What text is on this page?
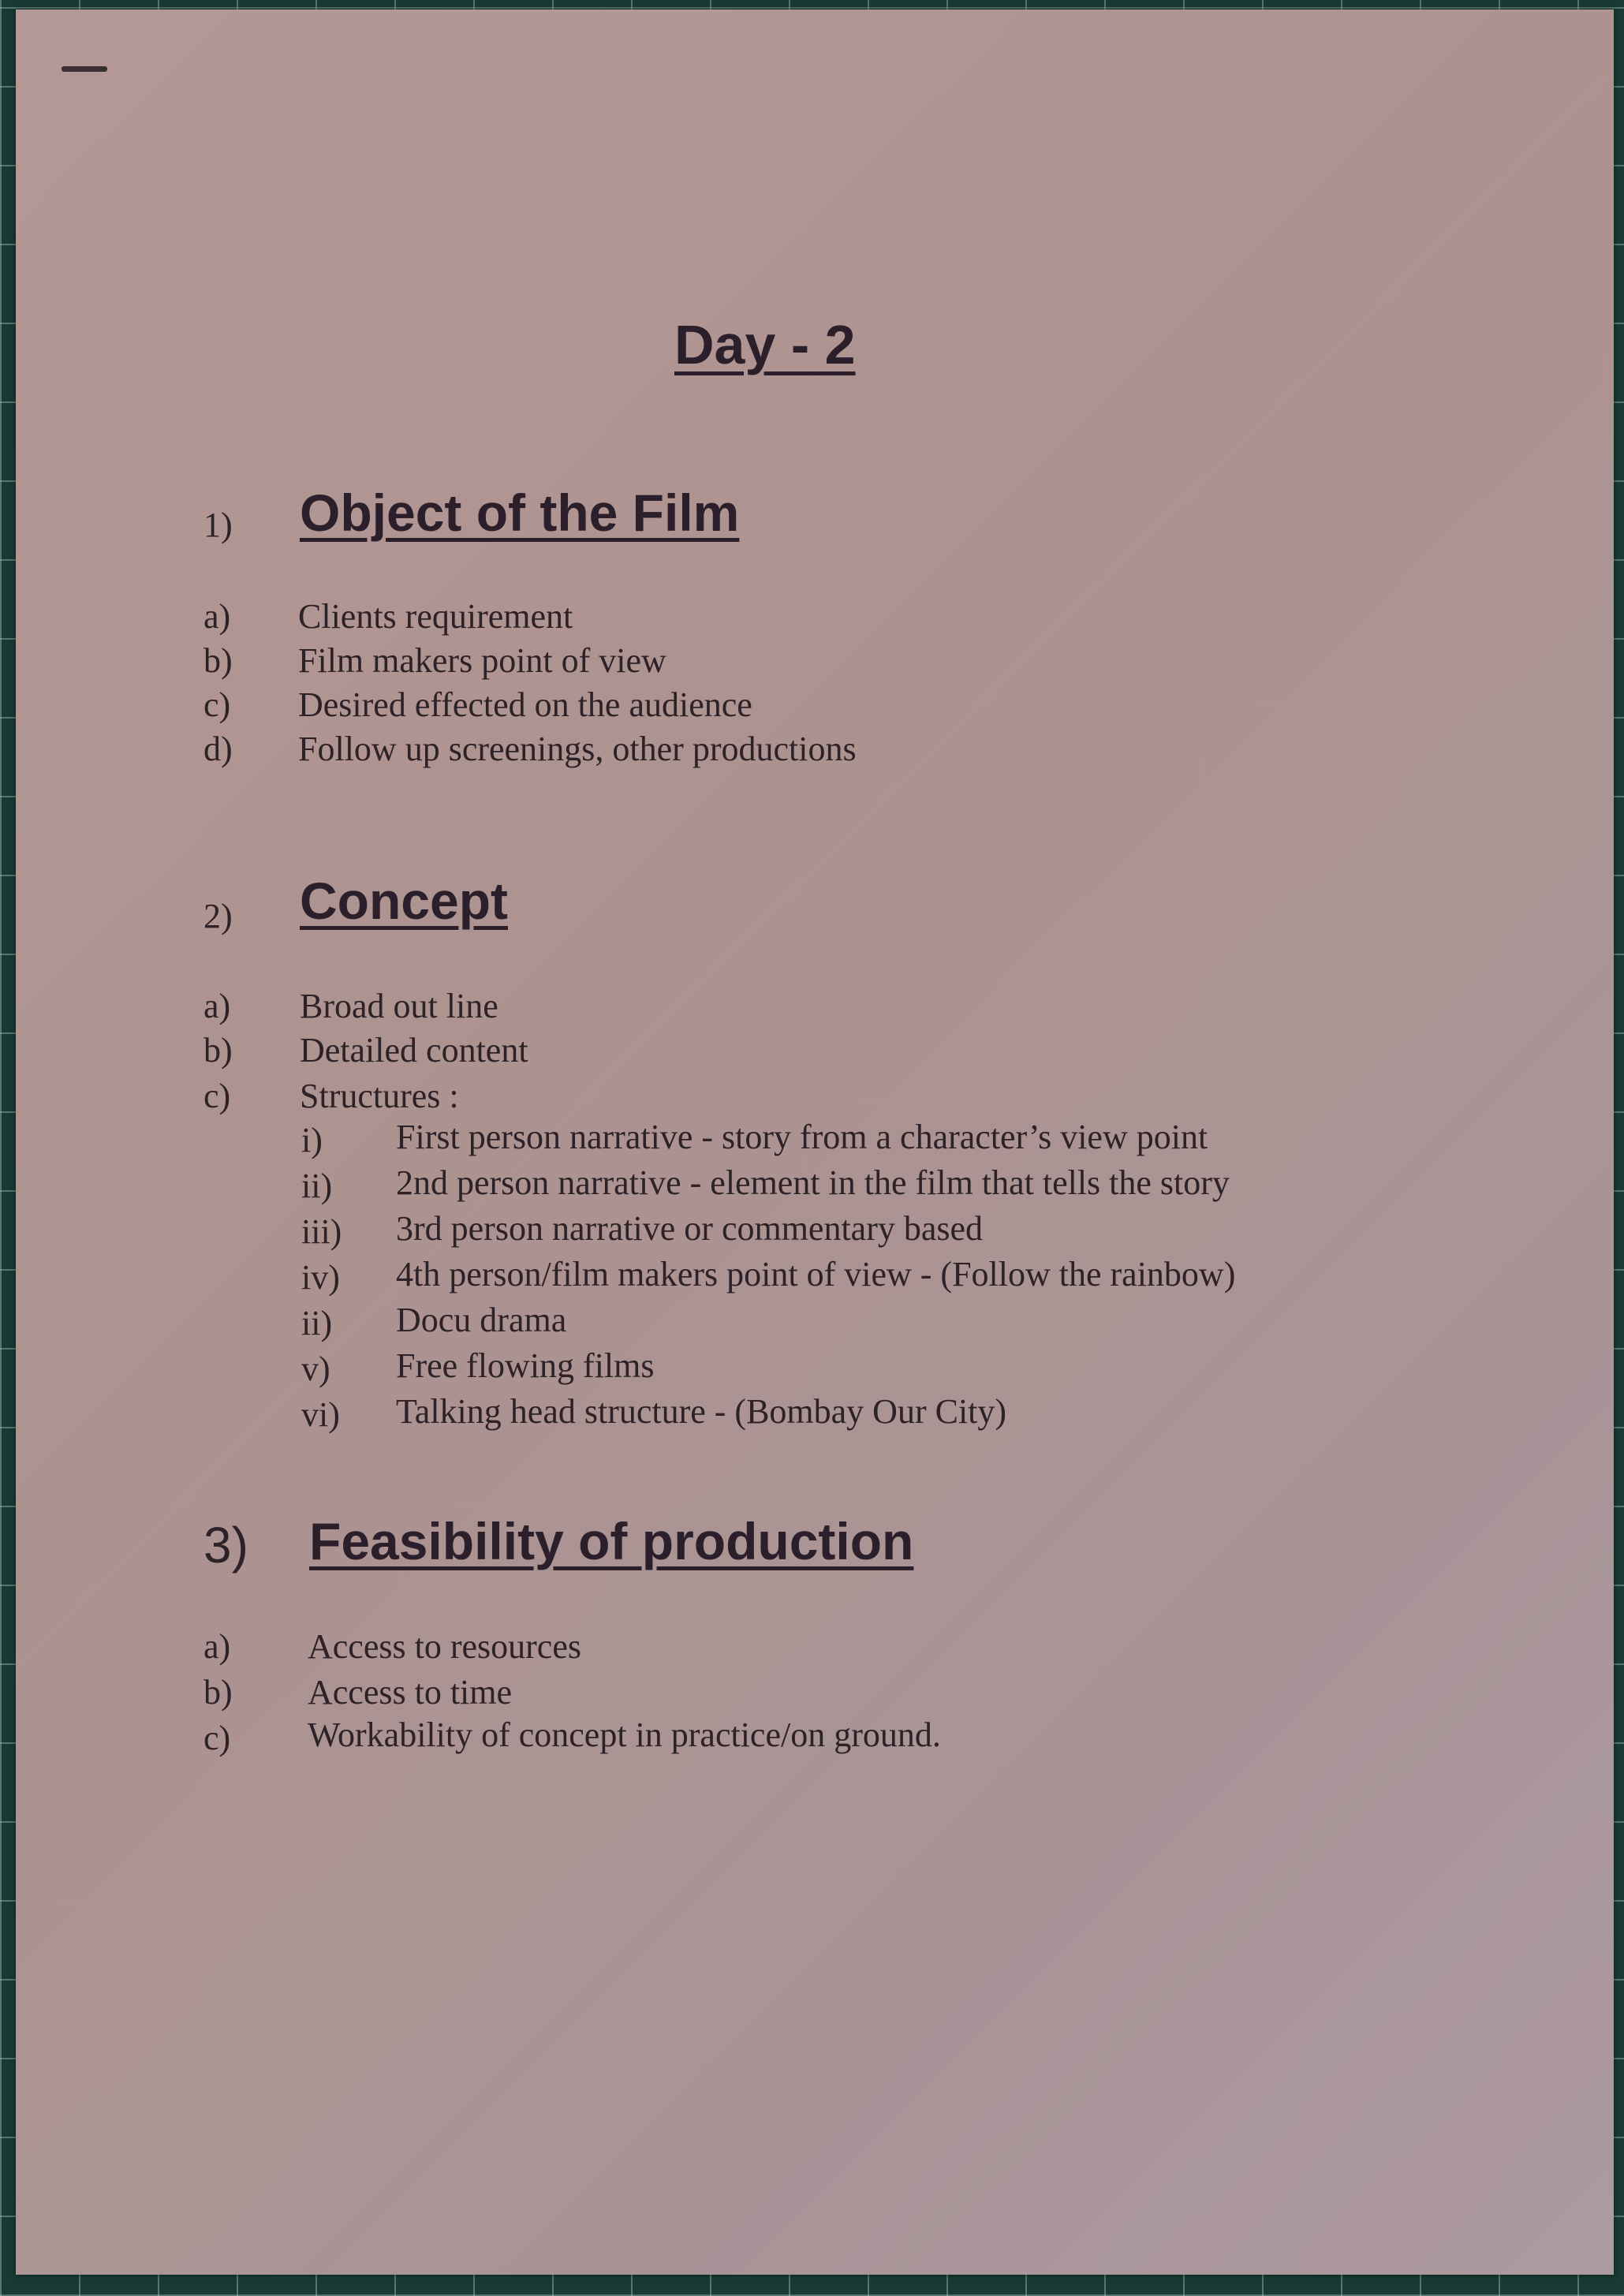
Day - 2
1) Object of the Film
a) Clients requirement
b) Film makers point of view
c) Desired effected on the audience
d) Follow up screenings, other productions
2) Concept
a) Broad out line
b) Detailed content
c) Structures :
i) First person narrative - story from a character’s view point
ii) 2nd person narrative - element in the film that tells the story
iii) 3rd person narrative or commentary based
iv) 4th person/film makers point of view - (Follow the rainbow)
ii) Docu drama
v) Free flowing films
vi) Talking head structure - (Bombay Our City)
3) Feasibility of production
a) Access to resources
b) Access to time
c) Workability of concept in practice/on ground.
